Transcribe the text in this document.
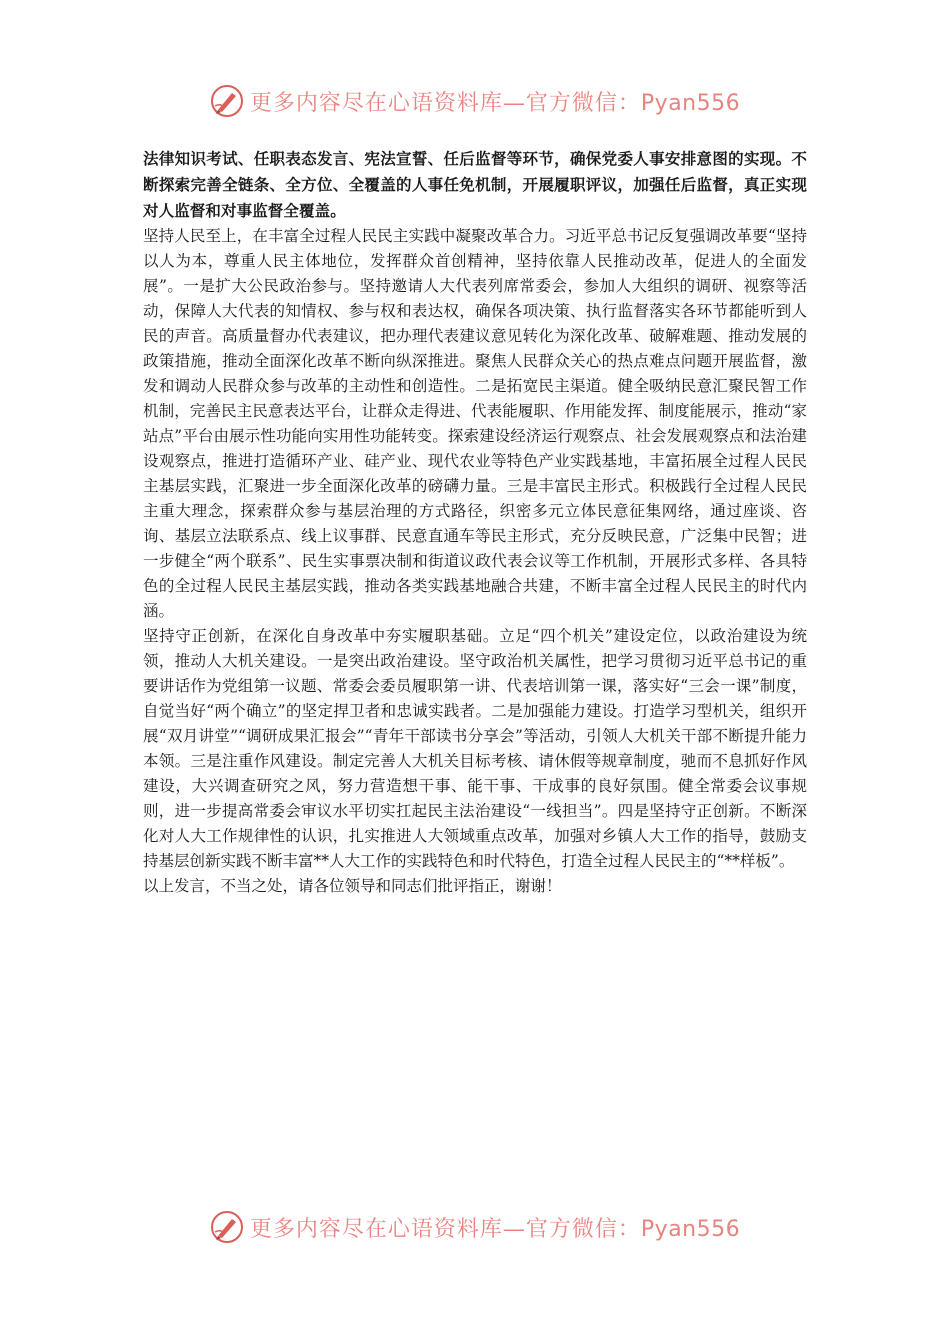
更多内容尽在心语资料库—官方微信：Pyan556

法律知识考试、任职表态发言、宪法宣誓、任后监督等环节，确保党委人事安排意图的实现。不断探索完善全链条、全方位、全覆盖的人事任免机制，开展履职评议，加强任后监督，真正实现对人监督和对事监督全覆盖。

坚持人民至上，在丰富全过程人民民主实践中凝聚改革合力。习近平总书记反复强调改革要“坚持以人为本，尊重人民主体地位，发挥群众首创精神，坚持依靠人民推动改革，促进人的全面发展”。一是扩大公民政治参与。坚持邀请人大代表列席常委会，参加人大组织的调研、视察等活动，保障人大代表的知情权、参与权和表达权，确保各项决策、执行监督落实各环节都能听到人民的声音。高质量督办代表建议，把办理代表建议意见转化为深化改革、破解难题、推动发展的政策措施，推动全面深化改革不断向纵深推进。聚焦人民群众关心的热点难点问题开展监督，激发和调动人民群众参与改革的主动性和创造性。二是拓宽民主渠道。健全吸纳民意汇聚民智工作机制，完善民主民意表达平台，让群众走得进、代表能履职、作用能发挥、制度能展示，推动“家站点”平台由展示性功能向实用性功能转变。探索建设经济运行观察点、社会发展观察点和法治建设观察点，推进打造循环产业、硅产业、现代农业等特色产业实践基地，丰富拓展全过程人民民主基层实践，汇聚进一步全面深化改革的磅礴力量。三是丰富民主形式。积极践行全过程人民民主重大理念，探索群众参与基层治理的方式路径，织密多元立体民意征集网络，通过座谈、咨询、基层立法联系点、线上议事群、民意直通车等民主形式，充分反映民意，广泛集中民智；进一步健全“两个联系”、民生实事票决制和街道议政代表会议等工作机制，开展形式多样、各具特色的全过程人民民主基层实践，推动各类实践基地融合共建，不断丰富全过程人民民主的时代内涵。

坚持守正创新，在深化自身改革中夯实履职基础。立足“四个机关”建设定位，以政治建设为统领，推动人大机关建设。一是突出政治建设。坚守政治机关属性，把学习贯彻习近平总书记的重要讲话作为党组第一议题、常委会委员履职第一讲、代表培训第一课，落实好“三会一课”制度，自觉当好“两个确立”的坚定捍卫者和忠诚实践者。二是加强能力建设。打造学习型机关，组织开展“双月讲堂”“调研成果汇报会”“青年干部读书分享会”等活动，引领人大机关干部不断提升能力本领。三是注重作风建设。制定完善人大机关目标考核、请休假等规章制度，驰而不息抓好作风建设，大兴调查研究之风，努力营造想干事、能干事、干成事的良好氛围。健全常委会议事规则，进一步提高常委会审议水平切实扛起民主法治建设“一线担当”。四是坚持守正创新。不断深化对人大工作规律性的认识，扎实推进人大领域重点改革，加强对乡镇人大工作的指导，鼓励支持基层创新实践不断丰富**人大工作的实践特色和时代特色，打造全过程人民民主的“**样板”。

以上发言，不当之处，请各位领导和同志们批评指正，谢谢！

更多内容尽在心语资料库—官方微信：Pyan556
